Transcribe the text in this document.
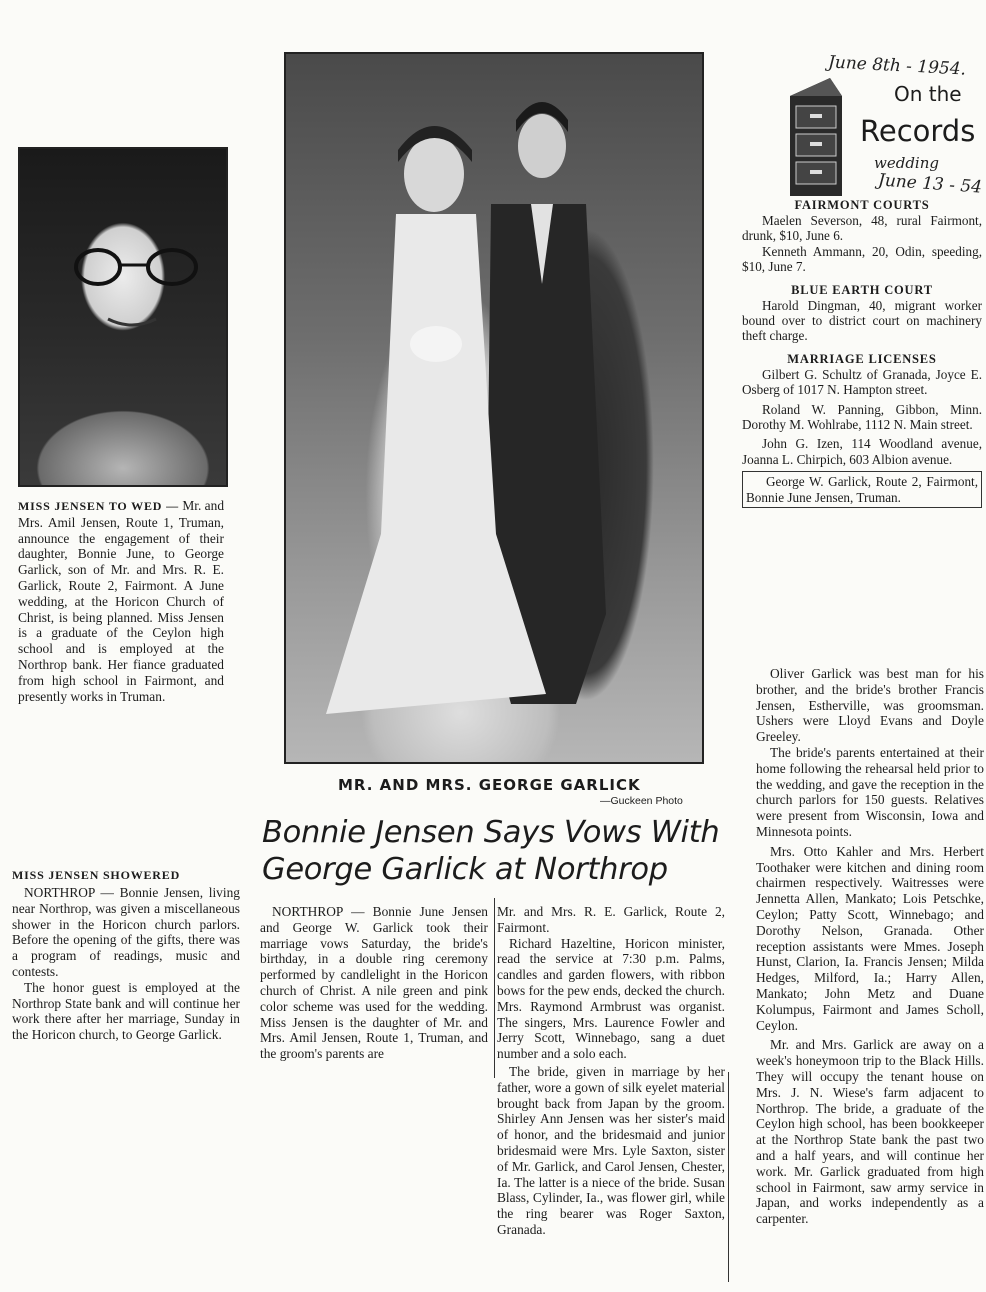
MISS JENSEN TO WED — Mr. and Mrs. Amil Jensen, Route 1, Truman, announce the engagement of their daughter, Bonnie June, to George Garlick, son of Mr. and Mrs. R. E. Garlick, Route 2, Fairmont. A June wedding, at the Horicon Church of Christ, is being planned. Miss Jensen is a graduate of the Ceylon high school and is employed at the Northrop bank. Her fiance graduated from high school in Fairmont, and presently works in Truman.
MISS JENSEN SHOWERED

NORTHROP — Bonnie Jensen, living near Northrop, was given a miscellaneous shower in the Horicon church parlors. Before the opening of the gifts, there was a program of readings, music and contests.

The honor guest is employed at the Northrop State bank and will continue her work there after her marriage, Sunday in the Horicon church, to George Garlick.

MR. AND MRS. GEORGE GARLICK
—Guckeen Photo
Bonnie Jensen Says Vows With
George Garlick at Northrop

NORTHROP — Bonnie June Jensen and George W. Garlick took their marriage vows Saturday, the bride's birthday, in a double ring ceremony performed by candlelight in the Horicon church of Christ. A nile green and pink color scheme was used for the wedding. Miss Jensen is the daughter of Mr. and Mrs. Amil Jensen, Route 1, Truman, and the groom's parents are

Mr. and Mrs. R. E. Garlick, Route 2, Fairmont.

Richard Hazeltine, Horicon minister, read the service at 7:30 p.m. Palms, candles and garden flowers, with ribbon bows for the pew ends, decked the church. Mrs. Raymond Armbrust was organist. The singers, Mrs. Laurence Fowler and Jerry Scott, Winnebago, sang a duet number and a solo each.

The bride, given in marriage by her father, wore a gown of silk eyelet material brought back from Japan by the groom. Shirley Ann Jensen was her sister's maid of honor, and the bridesmaid and junior bridesmaid were Mrs. Lyle Saxton, sister of Mr. Garlick, and Carol Jensen, Chester, Ia. The latter is a niece of the bride. Susan Blass, Cylinder, Ia., was flower girl, while the ring bearer was Roger Saxton, Granada.

June 8th - 1954.
On the
Records
wedding
June 13 - 54
FAIRMONT COURTS

Maelen Severson, 48, rural Fairmont, drunk, $10, June 6.

Kenneth Ammann, 20, Odin, speeding, $10, June 7.

BLUE EARTH COURT

Harold Dingman, 40, migrant worker bound over to district court on machinery theft charge.

MARRIAGE LICENSES

Gilbert G. Schultz of Granada, Joyce E. Osberg of 1017 N. Hampton street.

Roland W. Panning, Gibbon, Minn. Dorothy M. Wohlrabe, 1112 N. Main street.

John G. Izen, 114 Woodland avenue, Joanna L. Chirpich, 603 Albion avenue.

George W. Garlick, Route 2, Fairmont, Bonnie June Jensen, Truman.

Oliver Garlick was best man for his brother, and the bride's brother Francis Jensen, Estherville, was groomsman. Ushers were Lloyd Evans and Doyle Greeley.

The bride's parents entertained at their home following the rehearsal held prior to the wedding, and gave the reception in the church parlors for 150 guests. Relatives were present from Wisconsin, Iowa and Minnesota points.

Mrs. Otto Kahler and Mrs. Herbert Toothaker were kitchen and dining room chairmen respectively. Waitresses were Jennetta Allen, Mankato; Lois Petschke, Ceylon; Patty Scott, Winnebago; and Dorothy Nelson, Granada. Other reception assistants were Mmes. Joseph Hunst, Clarion, Ia. Francis Jensen; Milda Hedges, Milford, Ia.; Harry Allen, Mankato; John Metz and Duane Kolumpus, Fairmont and James Scholl, Ceylon.

Mr. and Mrs. Garlick are away on a week's honeymoon trip to the Black Hills. They will occupy the tenant house on Mrs. J. N. Wiese's farm adjacent to Northrop. The bride, a graduate of the Ceylon high school, has been bookkeeper at the Northrop State bank the past two and a half years, and will continue her work. Mr. Garlick graduated from high school in Fairmont, saw army service in Japan, and works independently as a carpenter.
